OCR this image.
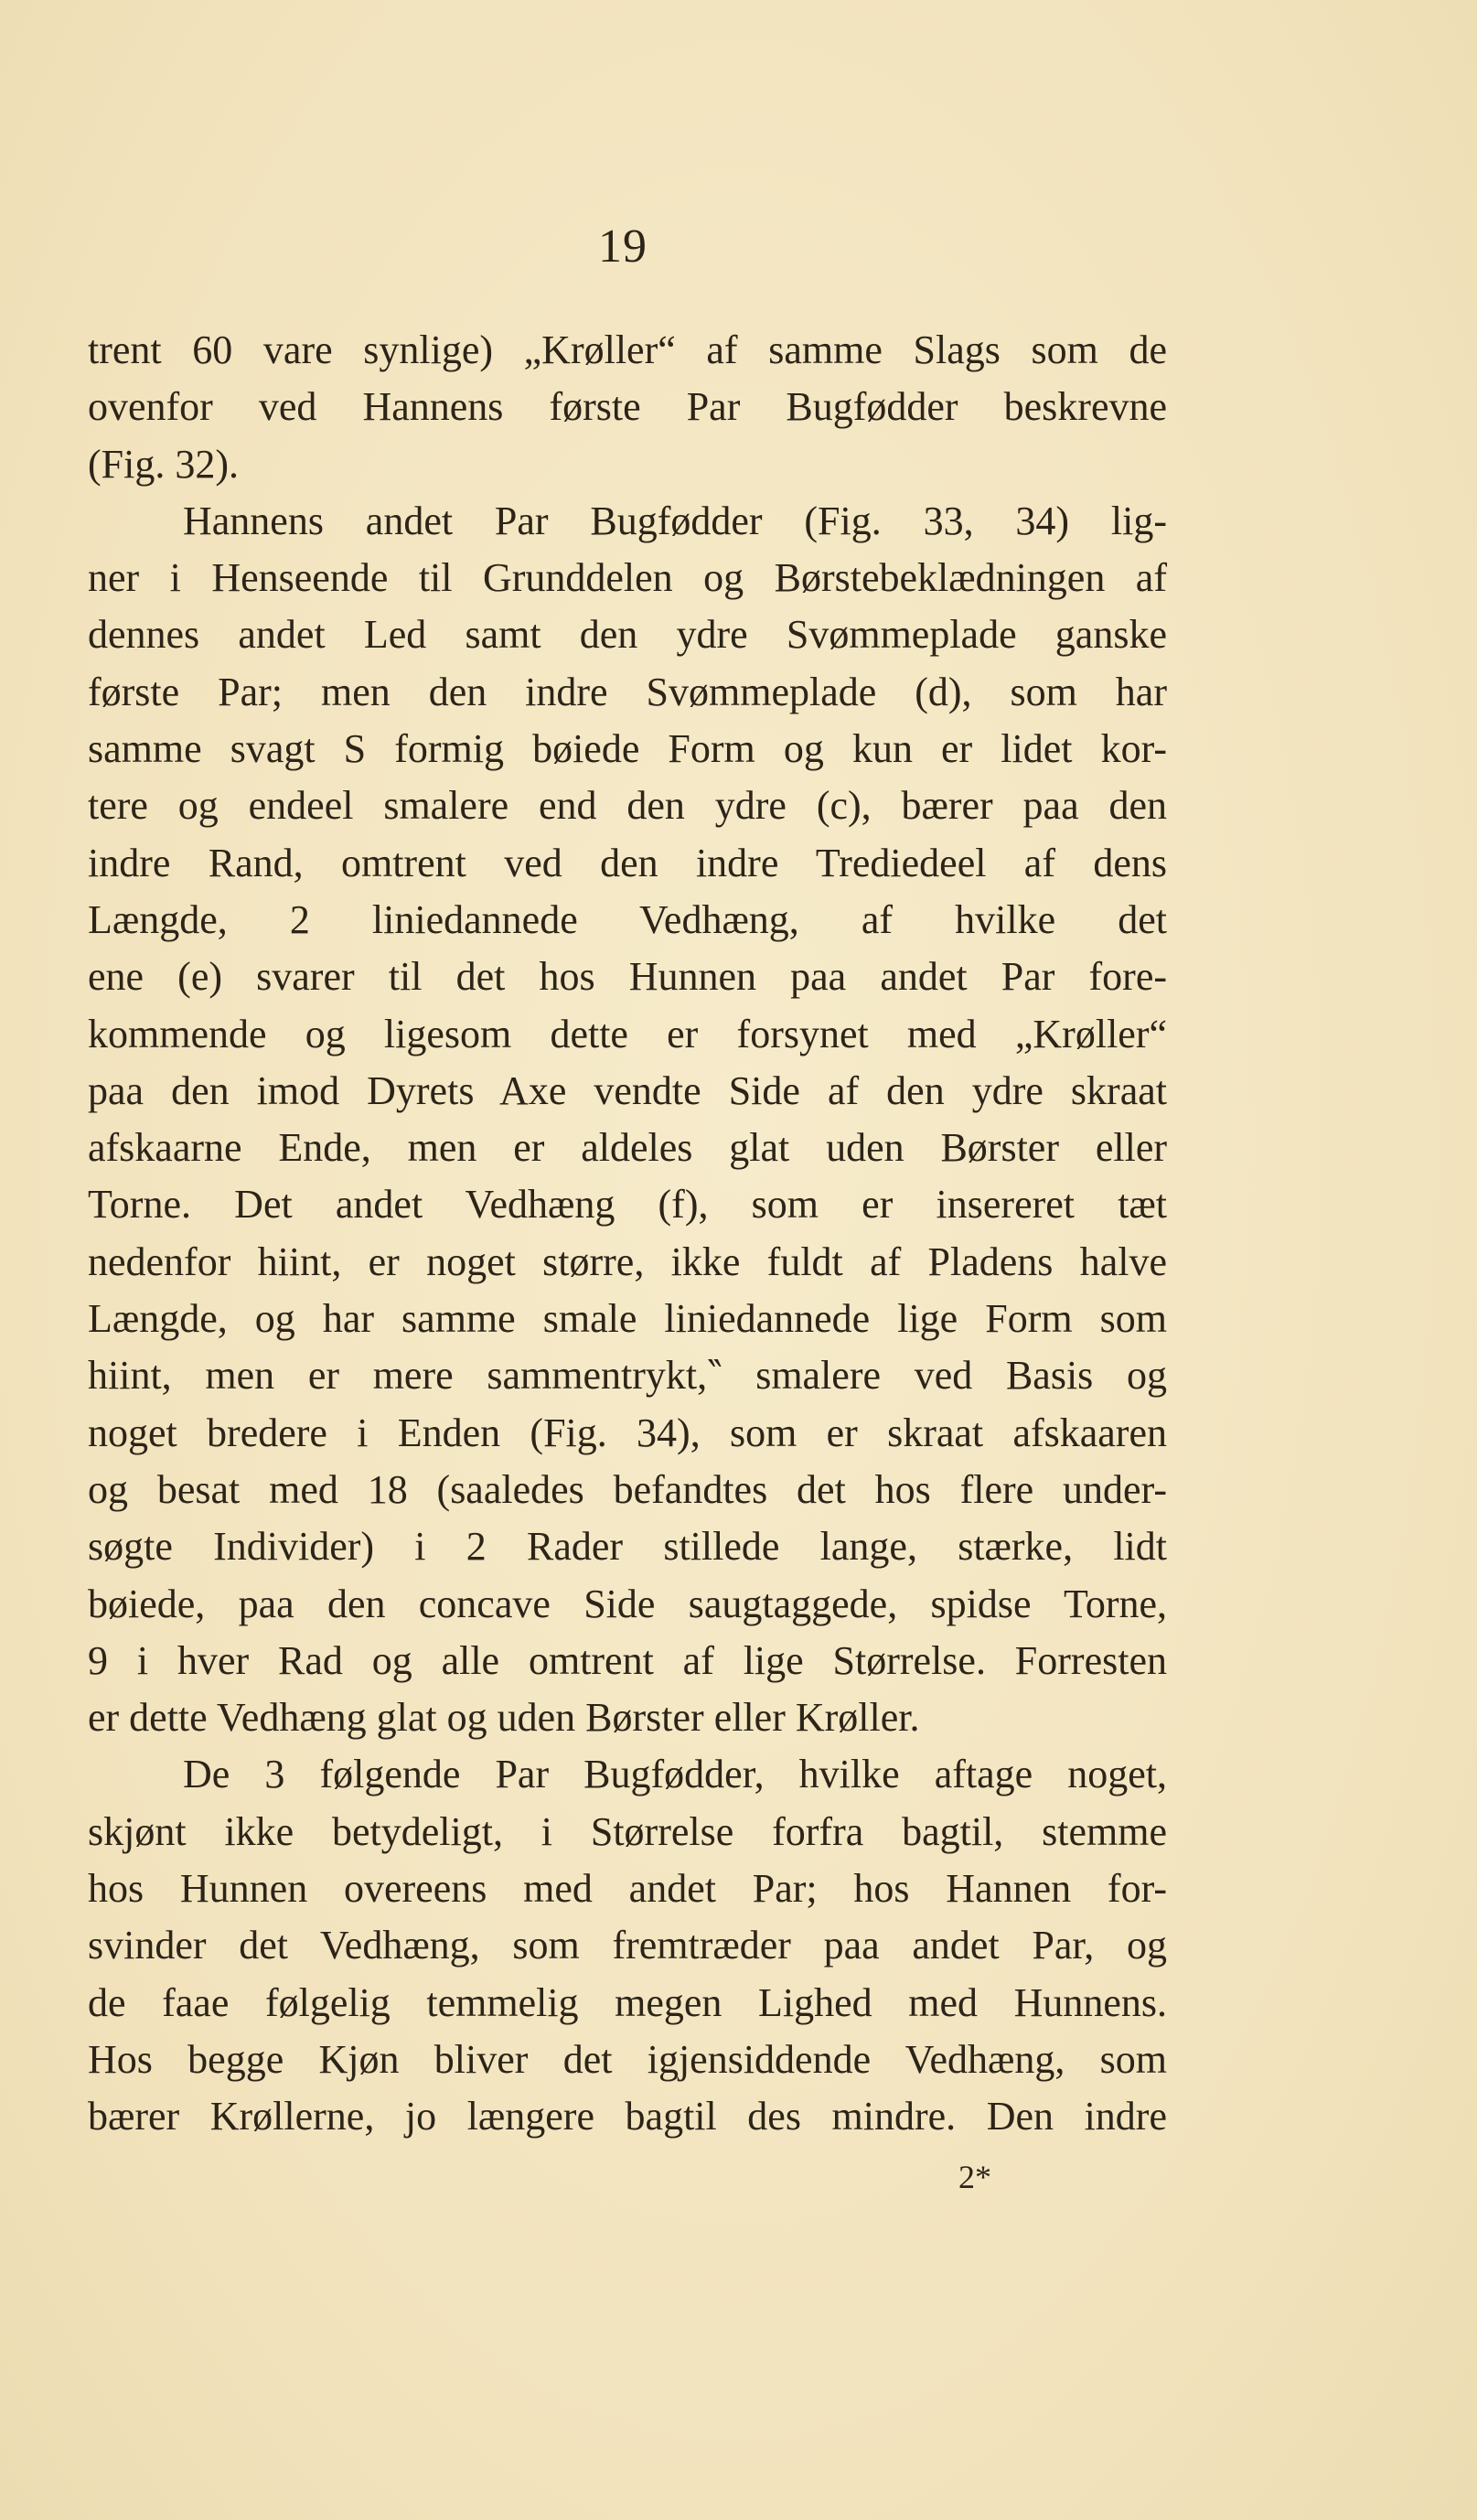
19
trent 60 vare synlige) „Krøller“ af samme Slags som de
ovenfor ved Hannens første Par Bugfødder beskrevne
(Fig. 32).
Hannens andet Par Bugfødder (Fig. 33, 34) lig-
ner i Henseende til Grunddelen og Børstebeklædningen af
dennes andet Led samt den ydre Svømmeplade ganske
første Par; men den indre Svømmeplade (d), som har
samme svagt S formig bøiede Form og kun er lidet kor-
tere og endeel smalere end den ydre (c), bærer paa den
indre Rand, omtrent ved den indre Trediedeel af dens
Længde, 2 liniedannede Vedhæng, af hvilke det
ene (e) svarer til det hos Hunnen paa andet Par fore-
kommende og ligesom dette er forsynet med „Krøller“
paa den imod Dyrets Axe vendte Side af den ydre skraat
afskaarne Ende, men er aldeles glat uden Børster eller
Torne. Det andet Vedhæng (f), som er insereret tæt
nedenfor hiint, er noget større, ikke fuldt af Pladens halve
Længde, og har samme smale liniedannede lige Form som
hiint, men er mere sammentrykt,‶ smalere ved Basis og
noget bredere i Enden (Fig. 34), som er skraat afskaaren
og besat med 18 (saaledes befandtes det hos flere under-
søgte Individer) i 2 Rader stillede lange, stærke, lidt
bøiede, paa den concave Side saugtaggede, spidse Torne,
9 i hver Rad og alle omtrent af lige Størrelse. Forresten
er dette Vedhæng glat og uden Børster eller Krøller.
De 3 følgende Par Bugfødder, hvilke aftage noget,
skjønt ikke betydeligt, i Størrelse forfra bagtil, stemme
hos Hunnen overeens med andet Par; hos Hannen for-
svinder det Vedhæng, som fremtræder paa andet Par, og
de faae følgelig temmelig megen Lighed med Hunnens.
Hos begge Kjøn bliver det igjensiddende Vedhæng, som
bærer Krøllerne, jo længere bagtil des mindre. Den indre
2*
